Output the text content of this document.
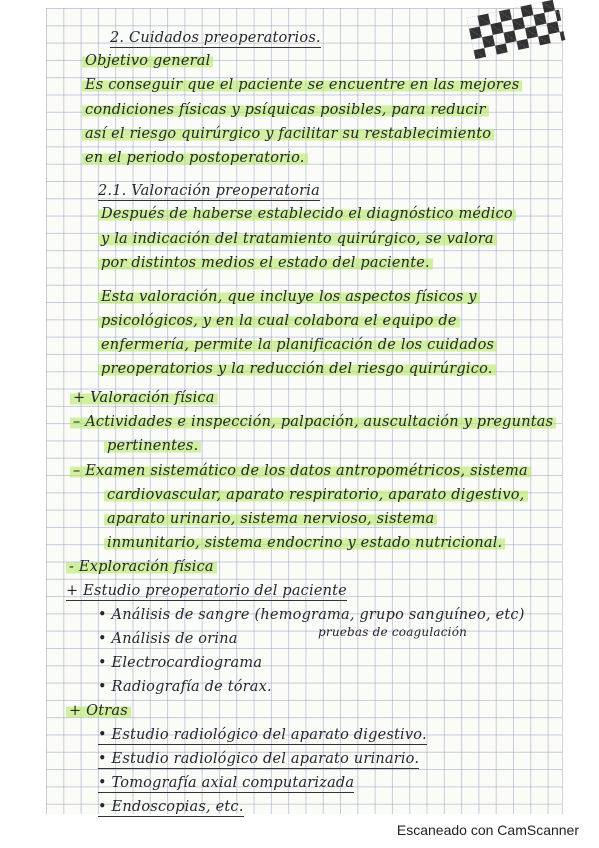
2. Cuidados preoperatorios.
Objetivo general
Es conseguir que el paciente se encuentre en las mejores
condiciones físicas y psíquicas posibles, para reducir
así el riesgo quirúrgico y facilitar su restablecimiento
en el periodo postoperatorio.
2.1. Valoración preoperatoria
Después de haberse establecido el diagnóstico médico
y la indicación del tratamiento quirúrgico, se valora
por distintos medios el estado del paciente.
Esta valoración, que incluye los aspectos físicos y
psicológicos, y en la cual colabora el equipo de
enfermería, permite la planificación de los cuidados
preoperatorios y la reducción del riesgo quirúrgico.
+ Valoración física
– Actividades e inspección, palpación, auscultación y preguntas
pertinentes.
– Examen sistemático de los datos antropométricos, sistema
cardiovascular, aparato respiratorio, aparato digestivo,
aparato urinario, sistema nervioso, sistema
inmunitario, sistema endocrino y estado nutricional.
- Exploración física
+ Estudio preoperatorio del paciente
• Análisis de sangre (hemograma, grupo sanguíneo, etc)
pruebas de coagulación
• Análisis de orina
• Electrocardiograma
• Radiografía de tórax.
+ Otras
• Estudio radiológico del aparato digestivo.
• Estudio radiológico del aparato urinario.
• Tomografía axial computarizada
• Endoscopias, etc.
Escaneado con CamScanner
